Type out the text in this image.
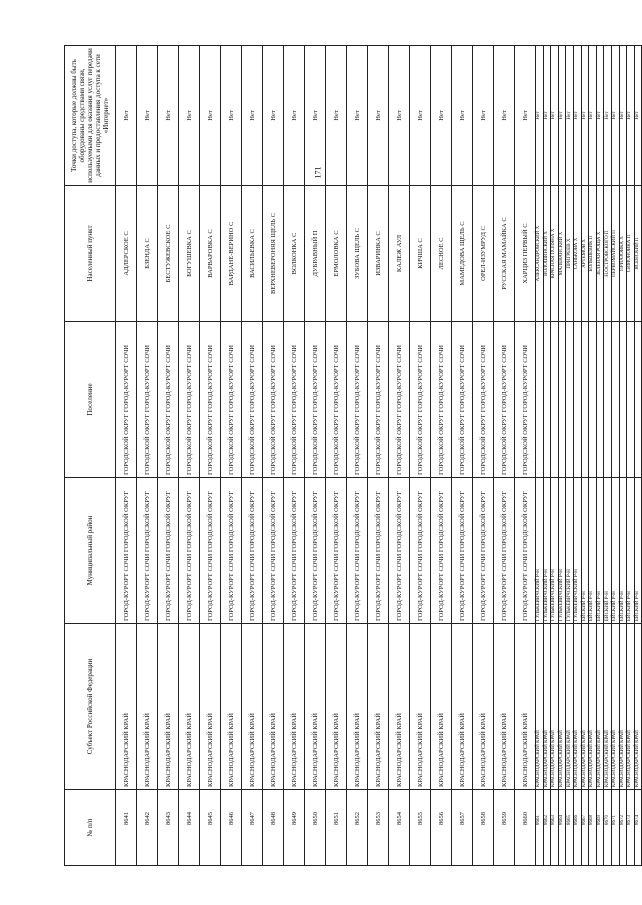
171
№ п/п	Субъект Российской Федерации	Муниципальный район	Поселение	Населенный пункт	Точки доступа, которые должны быть оборудованы средствами связи, используемыми для оказания услуг передачи данных и предоставления доступа к сети «Интернет»
8641	КРАСНОДАРСКИЙ КРАЙ	ГОРОД-КУРОРТ СОЧИ ГОРОДСКОЙ ОКРУГ	ГОРОДСКОЙ ОКРУГ ГОРОД-КУРОРТ СОЧИ	АДЛЕРСКОЕ С	Нет
8642	КРАСНОДАРСКИЙ КРАЙ	ГОРОД-КУРОРТ СОЧИ ГОРОДСКОЙ ОКРУГ	ГОРОДСКОЙ ОКРУГ ГОРОД-КУРОРТ СОЧИ	БЗЕНДА С	Нет
8643	КРАСНОДАРСКИЙ КРАЙ	ГОРОД-КУРОРТ СОЧИ ГОРОДСКОЙ ОКРУГ	ГОРОДСКОЙ ОКРУГ ГОРОД-КУРОРТ СОЧИ	БЕСТУЖЕВСКОЕ С	Нет
8644	КРАСНОДАРСКИЙ КРАЙ	ГОРОД-КУРОРТ СОЧИ ГОРОДСКОЙ ОКРУГ	ГОРОДСКОЙ ОКРУГ ГОРОД-КУРОРТ СОЧИ	БОГУШЕВКА С	Нет
8645	КРАСНОДАРСКИЙ КРАЙ	ГОРОД-КУРОРТ СОЧИ ГОРОДСКОЙ ОКРУГ	ГОРОДСКОЙ ОКРУГ ГОРОД-КУРОРТ СОЧИ	ВАРВАРОВКА С	Нет
8646	КРАСНОДАРСКИЙ КРАЙ	ГОРОД-КУРОРТ СОЧИ ГОРОДСКОЙ ОКРУГ	ГОРОДСКОЙ ОКРУГ ГОРОД-КУРОРТ СОЧИ	ВАРДАНЕ-ВЕРИНО С	Нет
8647	КРАСНОДАРСКИЙ КРАЙ	ГОРОД-КУРОРТ СОЧИ ГОРОДСКОЙ ОКРУГ	ГОРОДСКОЙ ОКРУГ ГОРОД-КУРОРТ СОЧИ	ВАСИЛЬЕВКА С	Нет
8648	КРАСНОДАРСКИЙ КРАЙ	ГОРОД-КУРОРТ СОЧИ ГОРОДСКОЙ ОКРУГ	ГОРОДСКОЙ ОКРУГ ГОРОД-КУРОРТ СОЧИ	ВЕРХНЕВЕРОНЯЯ ЩЕЛЬ С	Нет
8649	КРАСНОДАРСКИЙ КРАЙ	ГОРОД-КУРОРТ СОЧИ ГОРОДСКОЙ ОКРУГ	ГОРОДСКОЙ ОКРУГ ГОРОД-КУРОРТ СОЧИ	ВОЛКОНКА С	Нет
8650	КРАСНОДАРСКИЙ КРАЙ	ГОРОД-КУРОРТ СОЧИ ГОРОДСКОЙ ОКРУГ	ГОРОДСКОЙ ОКРУГ ГОРОД-КУРОРТ СОЧИ	ДУБРАВНЫЙ П	Нет
8651	КРАСНОДАРСКИЙ КРАЙ	ГОРОД-КУРОРТ СОЧИ ГОРОДСКОЙ ОКРУГ	ГОРОДСКОЙ ОКРУГ ГОРОД-КУРОРТ СОЧИ	ЕРМОЛОВКА С	Нет
8652	КРАСНОДАРСКИЙ КРАЙ	ГОРОД-КУРОРТ СОЧИ ГОРОДСКОЙ ОКРУГ	ГОРОДСКОЙ ОКРУГ ГОРОД-КУРОРТ СОЧИ	ЗУБОВА ЩЕЛЬ С	Нет
8653	КРАСНОДАРСКИЙ КРАЙ	ГОРОД-КУРОРТ СОЧИ ГОРОДСКОЙ ОКРУГ	ГОРОДСКОЙ ОКРУГ ГОРОД-КУРОРТ СОЧИ	ИЗВАРИНКА С	Нет
8654	КРАСНОДАРСКИЙ КРАЙ	ГОРОД-КУРОРТ СОЧИ ГОРОДСКОЙ ОКРУГ	ГОРОДСКОЙ ОКРУГ ГОРОД-КУРОРТ СОЧИ	КАЛЕЖ АУЛ	Нет
8655	КРАСНОДАРСКИЙ КРАЙ	ГОРОД-КУРОРТ СОЧИ ГОРОДСКОЙ ОКРУГ	ГОРОДСКОЙ ОКРУГ ГОРОД-КУРОРТ СОЧИ	КИЧША С	Нет
8656	КРАСНОДАРСКИЙ КРАЙ	ГОРОД-КУРОРТ СОЧИ ГОРОДСКОЙ ОКРУГ	ГОРОДСКОЙ ОКРУГ ГОРОД-КУРОРТ СОЧИ	ЛЕСНОЕ С	Нет
8657	КРАСНОДАРСКИЙ КРАЙ	ГОРОД-КУРОРТ СОЧИ ГОРОДСКОЙ ОКРУГ	ГОРОДСКОЙ ОКРУГ ГОРОД-КУРОРТ СОЧИ	МАМЕДОВА ЩЕЛЬ С	Нет
8658	КРАСНОДАРСКИЙ КРАЙ	ГОРОД-КУРОРТ СОЧИ ГОРОДСКОЙ ОКРУГ	ГОРОДСКОЙ ОКРУГ ГОРОД-КУРОРТ СОЧИ	ОРЕЛ-ИЗУМРУД С	Нет
8659	КРАСНОДАРСКИЙ КРАЙ	ГОРОД-КУРОРТ СОЧИ ГОРОДСКОЙ ОКРУГ	ГОРОДСКОЙ ОКРУГ ГОРОД-КУРОРТ СОЧИ	РУССКАЯ МАМАЙКА С	Нет
8660	КРАСНОДАРСКИЙ КРАЙ	ГОРОД-КУРОРТ СОЧИ ГОРОДСКОЙ ОКРУГ	ГОРОДСКОЙ ОКРУГ ГОРОД-КУРОРТ СОЧИ	ХАРЦИЗ ПЕРВЫЙ С	Нет
8661	КРАСНОДАРСКИЙ КРАЙ	ГУЛЬКЕВИЧСКИЙ Р-Н		АЛЕКСАНДРОВСКИЙ Х	Нет
8662	КРАСНОДАРСКИЙ КРАЙ	ГУЛЬКЕВИЧСКИЙ Р-Н		ВОЛОШИНСКИЙ Х	Нет
8663	КРАСНОДАРСКИЙ КРАЙ	ГУЛЬКЕВИЧСКИЙ Р-Н		КРАСНАЯ ПОЛЯНА Х	Нет
8664	КРАСНОДАРСКИЙ КРАЙ	ГУЛЬКЕВИЧСКИЙ Р-Н		МАЛЕВАНСКИЙ Х	Нет
8665	КРАСНОДАРСКИЙ КРАЙ	ГУЛЬКЕВИЧСКИЙ Р-Н		ПРИГРЕЕВ Х	Нет
8666	КРАСНОДАРСКИЙ КРАЙ	ГУЛЬКЕВИЧСКИЙ Р-Н		САНЬКОВА Х	Нет
8667	КРАСНОДАРСКИЙ КРАЙ	ЕЙСКИЙ Р-Н		АРТЕМОВ Х	Нет
8668	КРАСНОДАРСКИЙ КРАЙ	ЕЙСКИЙ Р-Н		БОЛЬШЕВИК П	Нет
8669	КРАСНОДАРСКИЙ КРАЙ	ЕЙСКИЙ Р-Н		ЗЕЛЕНАЯ РОЩА Х	Нет
8670	КРАСНОДАРСКИЙ КРАЙ	ЕЙСКИЙ Р-Н		Н.ОСТРОВСКОГО П	Нет
8671	КРАСНОДАРСКИЙ КРАЙ	ЕЙСКИЙ Р-Н		ПЕРВОМАЙСКИЙ П	Нет
8672	КРАСНОДАРСКИЙ КРАЙ	ЕЙСКИЙ Р-Н		ПРИАЗОВКА Х	Нет
8673	КРАСНОДАРСКИЙ КРАЙ	ЕЙСКИЙ Р-Н		СИМОНОВКА П	Нет
8674	КРАСНОДАРСКИЙ КРАЙ	ЕЙСКИЙ Р-Н		ЯСЕНСКИЙ П	Нет
